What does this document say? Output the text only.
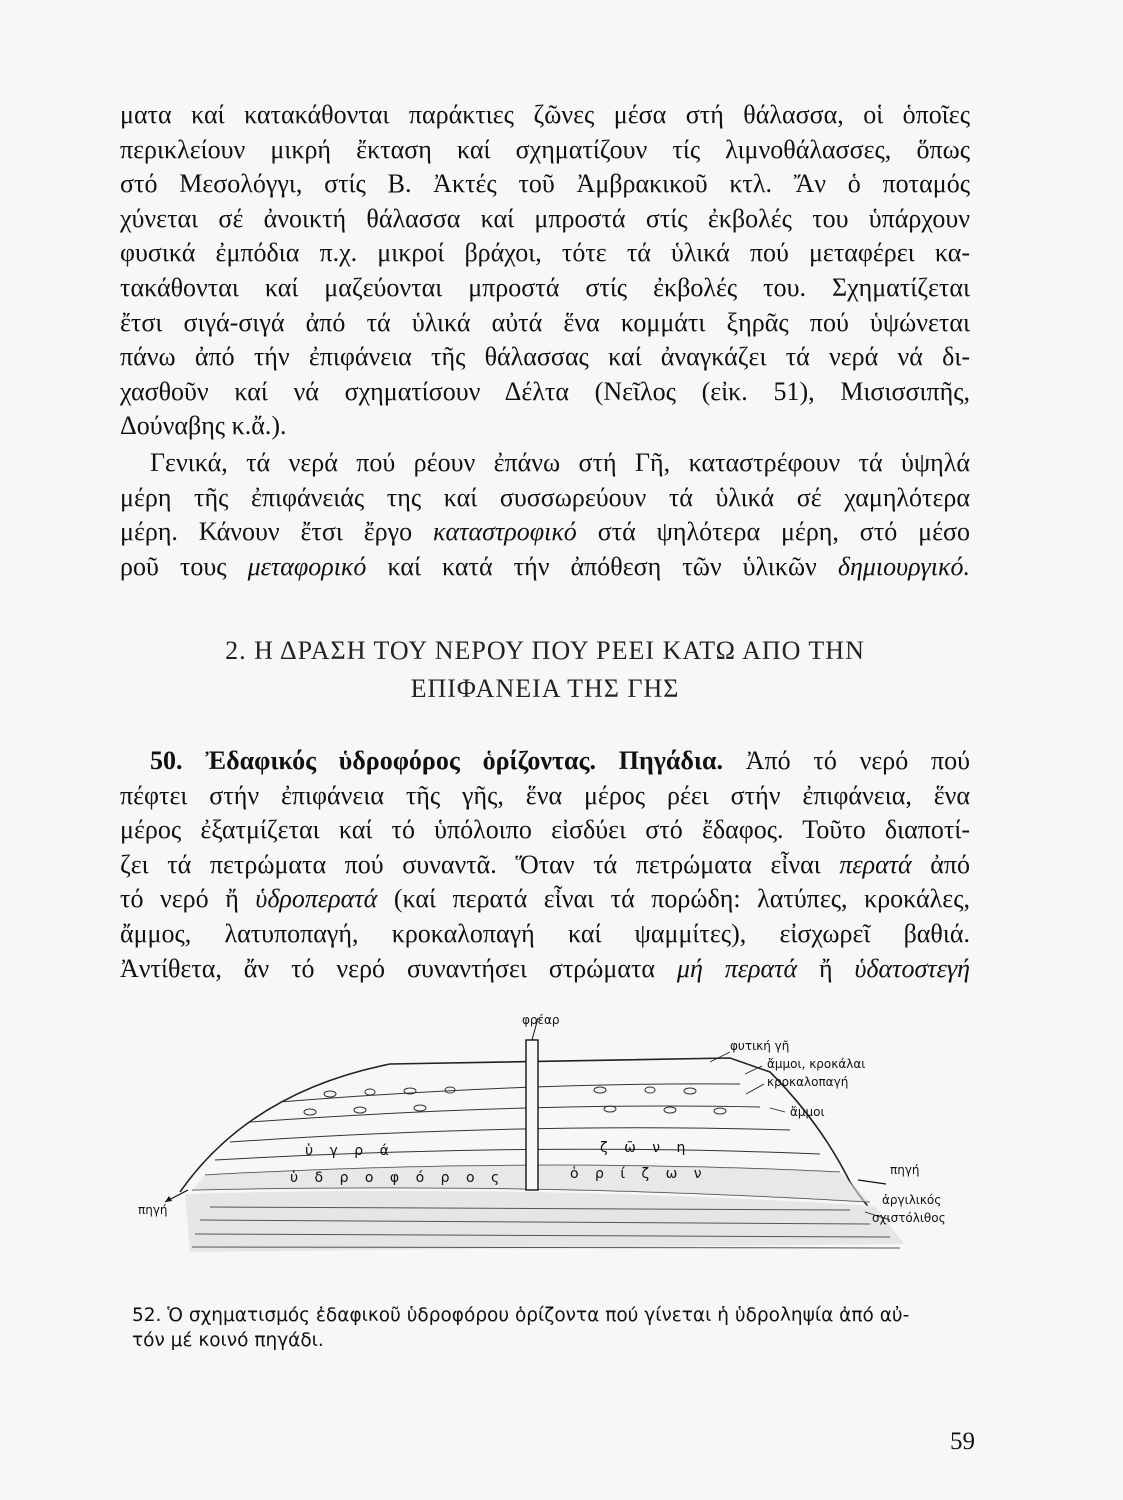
ματα καί κατακάθονται παράκτιες ζῶνες μέσα στή θάλασσα, οἱ ὁποῖες
περικλείουν μικρή ἔκταση καί σχηματίζουν τίς λιμνοθάλασσες, ὅπως
στό Μεσολόγγι, στίς Β. Ἀκτές τοῦ Ἀμβρακικοῦ κτλ. Ἄν ὁ ποταμός
χύνεται σέ ἀνοικτή θάλασσα καί μπροστά στίς ἐκβολές του ὑπάρχουν
φυσικά ἐμπόδια π.χ. μικροί βράχοι, τότε τά ὑλικά πού μεταφέρει κα-
τακάθονται καί μαζεύονται μπροστά στίς ἐκβολές του. Σχηματίζεται
ἔτσι σιγά-σιγά ἀπό τά ὑλικά αὐτά ἕνα κομμάτι ξηρᾶς πού ὑψώνεται
πάνω ἀπό τήν ἐπιφάνεια τῆς θάλασσας καί ἀναγκάζει τά νερά νά δι-
χασθοῦν καί νά σχηματίσουν Δέλτα (Νεῖλος (εἰκ. 51), Μισισσιπῆς,
Δούναβης κ.ἄ.).

Γενικά, τά νερά πού ρέουν ἐπάνω στή Γῆ, καταστρέφουν τά ὑψηλά
μέρη τῆς ἐπιφάνειάς της καί συσσωρεύουν τά ὑλικά σέ χαμηλότερα
μέρη. Κάνουν ἔτσι ἔργο καταστροφικό στά ψηλότερα μέρη, στό μέσο
ροῦ τους μεταφορικό καί κατά τήν ἀπόθεση τῶν ὑλικῶν δημιουργικό.

2. Η ΔΡΑΣΗ ΤΟΥ ΝΕΡΟΥ ΠΟΥ ΡΕΕΙ ΚΑΤΩ ΑΠΟ ΤΗΝ
ΕΠΙΦΑΝΕΙΑ ΤΗΣ ΓΗΣ

50. Ἐδαφικός ὑδροφόρος ὁρίζοντας. Πηγάδια. Ἀπό τό νερό πού
πέφτει στήν ἐπιφάνεια τῆς γῆς, ἕνα μέρος ρέει στήν ἐπιφάνεια, ἕνα
μέρος ἐξατμίζεται καί τό ὑπόλοιπο εἰσδύει στό ἔδαφος. Τοῦτο διαποτί-
ζει τά πετρώματα πού συναντᾶ. Ὅταν τά πετρώματα εἶναι περατά ἀπό
τό νερό ἤ ὑδροπερατά (καί περατά εἶναι τά πορώδη: λατύπες, κροκάλες,
ἄμμος, λατυποπαγή, κροκαλοπαγή καί ψαμμίτες), εἰσχωρεῖ βαθιά.
Ἀντίθετα, ἄν τό νερό συναντήσει στρώματα μή περατά ἤ ὑδατοστεγή

φρέαρ
φυτική γῆ
ἄμμοι, κροκάλαι
κροκαλοπαγή
ἄμμοι
πηγή
ἀργιλικός
σχιστόλιθος
πηγή
ὑ γ ρ ά	ζ ῶ ν η
ὑ δ ρ ο φ ό ρ ο ς	ὁ ρ ί ζ ω ν
52. Ὁ σχηματισμός ἐδαφικοῦ ὑδροφόρου ὁρίζοντα πού γίνεται ἡ ὑδροληψία ἀπό αὐ-
τόν μέ κοινό πηγάδι.
59
